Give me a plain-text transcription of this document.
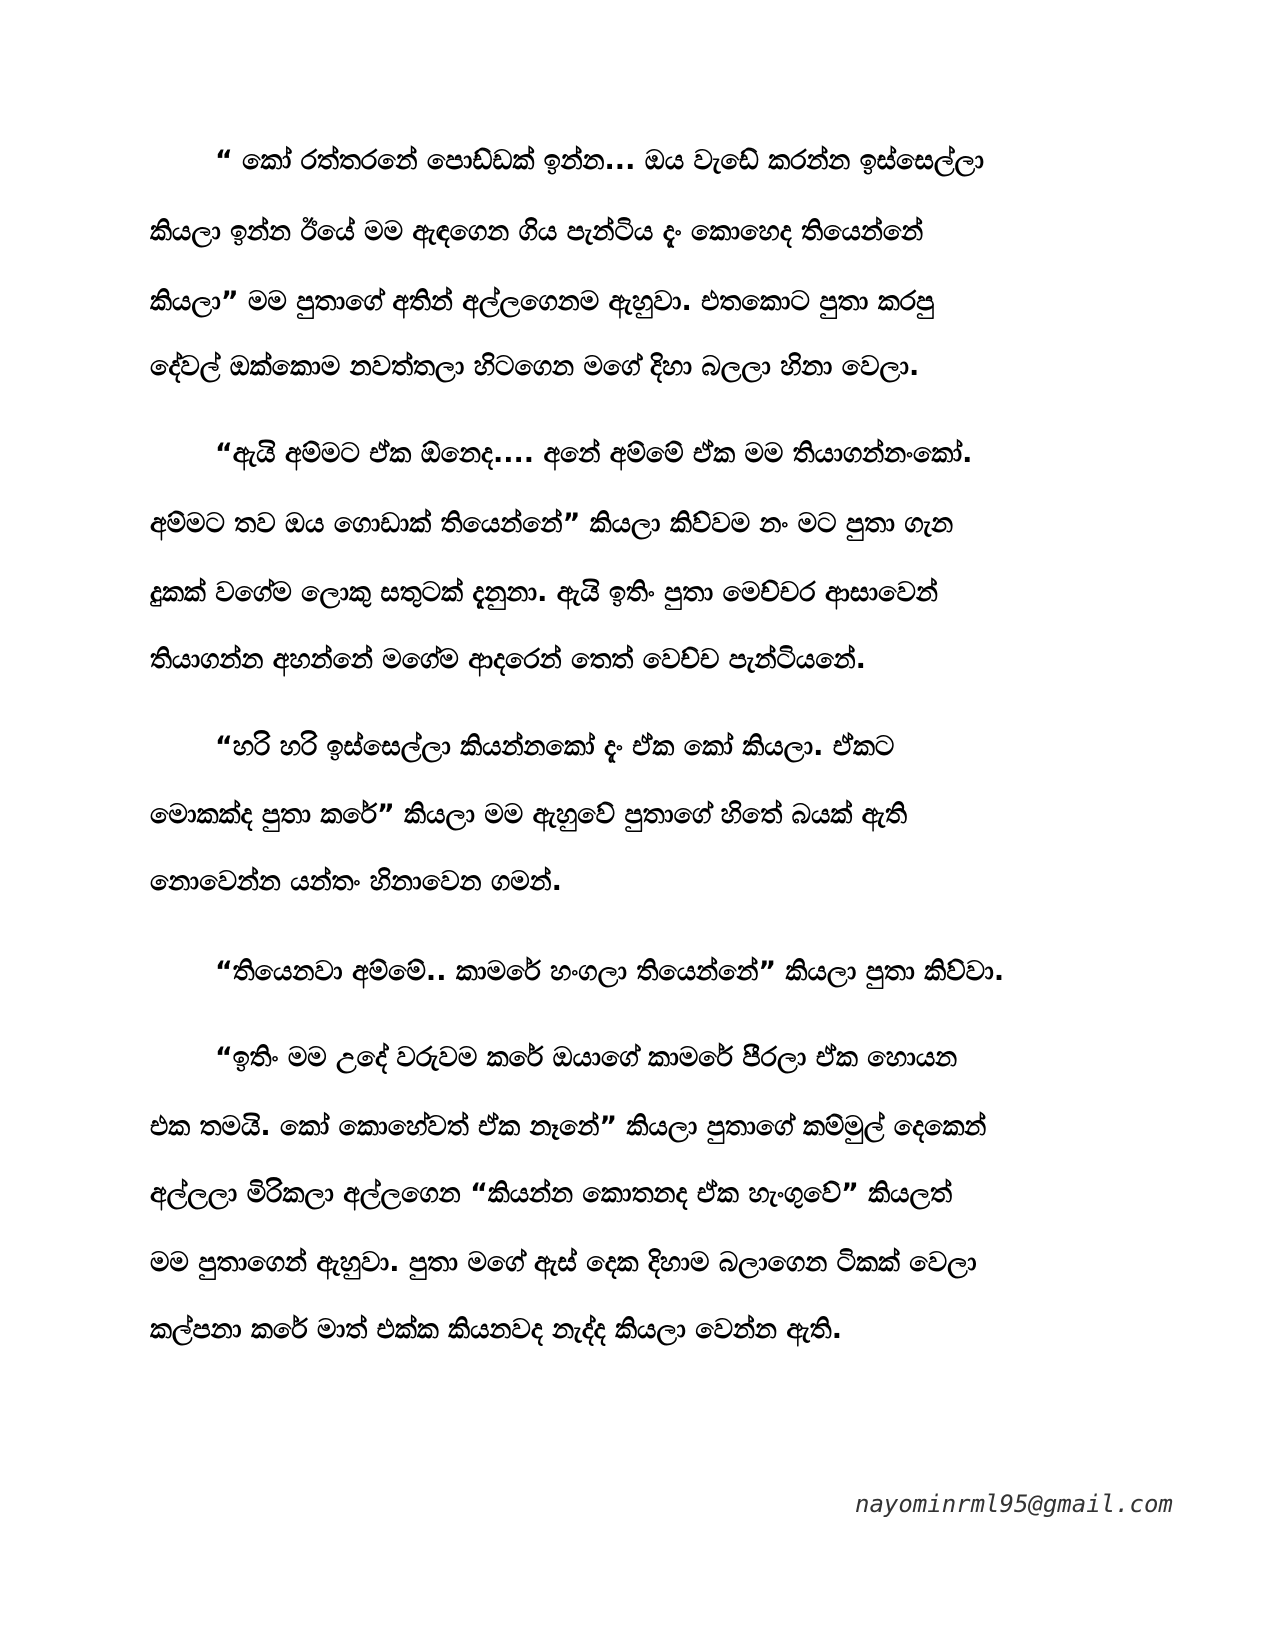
“ කෝ රත්තරනේ පොඩ්ඩක් ඉන්න... ඔය වැඩේ කරන්න ඉස්සෙල්ලා
කියලා ඉන්න ඊයේ මම ඇඳගෙන ගිය පැන්ටිය දැං කොහෙද තියෙන්නේ
කියලා” මම පුතාගේ අතින් අල්ලගෙනම ඇහුවා. එතකොට පුතා කරපු
දේවල් ඔක්කොම නවත්තලා හිටගෙන මගේ දිහා බලලා හිනා වෙලා.
“ඇයි අම්මට ඒක ඕනෙද.... අනේ අම්මේ ඒක මම තියාගන්නංකෝ.
අම්මට තව ඔය ගොඩාක් තියෙන්නේ” කියලා කිව්වම නං මට පුතා ගැන
දුකක් වගේම ලොකු සතුටක් දැනුනා. ඇයි ඉතිං පුතා මෙච්චර ආසාවෙන්
තියාගන්න අහන්නේ මගේම ආදරෙන් තෙත් වෙච්ච පැන්ටියනේ.
“හරි හරි ඉස්සෙල්ලා කියන්නකෝ දැං ඒක කෝ කියලා. ඒකට
මොකක්ද පුතා කරේ” කියලා මම ඇහුවේ පුතාගේ හිතේ බයක් ඇති
නොවෙන්න යන්තං හිනාවෙන ගමන්.
“තියෙනවා අම්මේ.. කාමරේ හංගලා තියෙන්නේ” කියලා පුතා කිව්වා.
“ඉතිං මම උදේ වරුවම කරේ ඔයාගේ කාමරේ පීරලා ඒක හොයන
එක තමයි. කෝ කොහේවත් ඒක නෑනේ” කියලා පුතාගේ කම්මුල් දෙකෙන්
අල්ලලා මිරිකලා අල්ලගෙන “කියන්න කොතනද ඒක හැංගුවේ” කියලත්
මම පුතාගෙන් ඇහුවා. පුතා මගේ ඇස් දෙක දිහාම බලාගෙන ටිකක් වෙලා
කල්පනා කරේ මාත් එක්ක කියනවද නැද්ද කියලා වෙන්න ඇති.
nayominrml95@gmail.com
